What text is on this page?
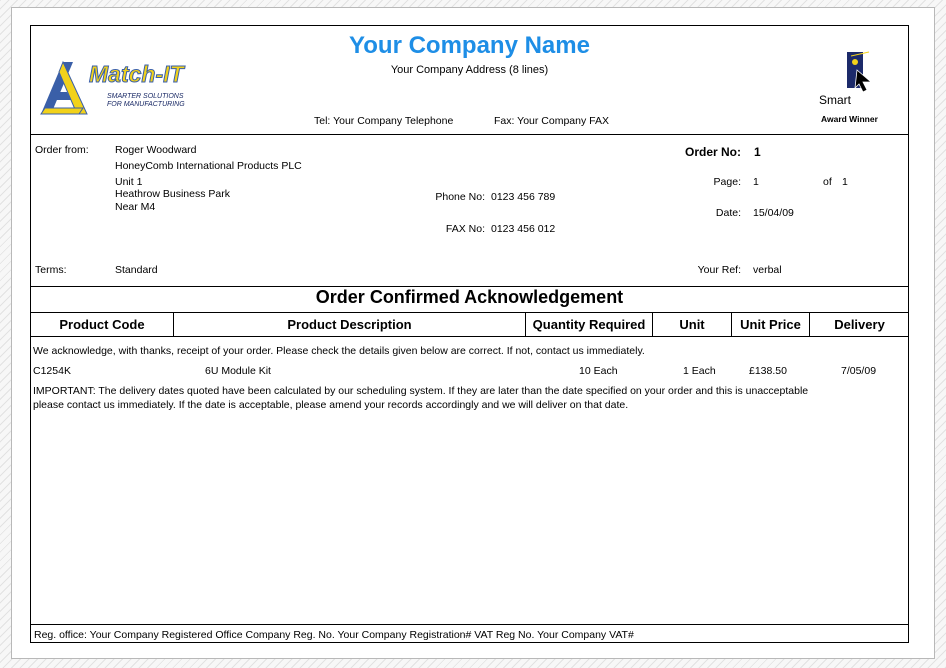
Your Company Name
Your Company Address (8 lines)
Match-IT
SMARTER SOLUTIONS
FOR MANUFACTURING	Smart
Award Winner
Tel: Your Company Telephone	Fax: Your Company FAX
Order from:	Roger Woodward
HoneyComb International Products PLC
Unit 1
Heathrow Business Park
Near M4
Phone No: 0123 456 789
FAX No: 0123 456 012
Order No: 1
Page: 1	of 1
Date: 15/04/09
Terms:	Standard	Your Ref: verbal
Order Confirmed Acknowledgement
Product Code	Product Description	Quantity Required	Unit	Unit Price	Delivery
We acknowledge, with thanks, receipt of your order. Please check the details given below are correct. If not, contact us immediately.
C1254K	6U Module Kit	10 Each	1 Each	£138.50	7/05/09
IMPORTANT: The delivery dates quoted have been calculated by our scheduling system. If they are later than the date specified on your order and this is unacceptable
please contact us immediately. If the date is acceptable, please amend your records accordingly and we will deliver on that date.
Reg. office: Your Company Registered Office Company Reg. No. Your Company Registration# VAT Reg No. Your Company VAT#
